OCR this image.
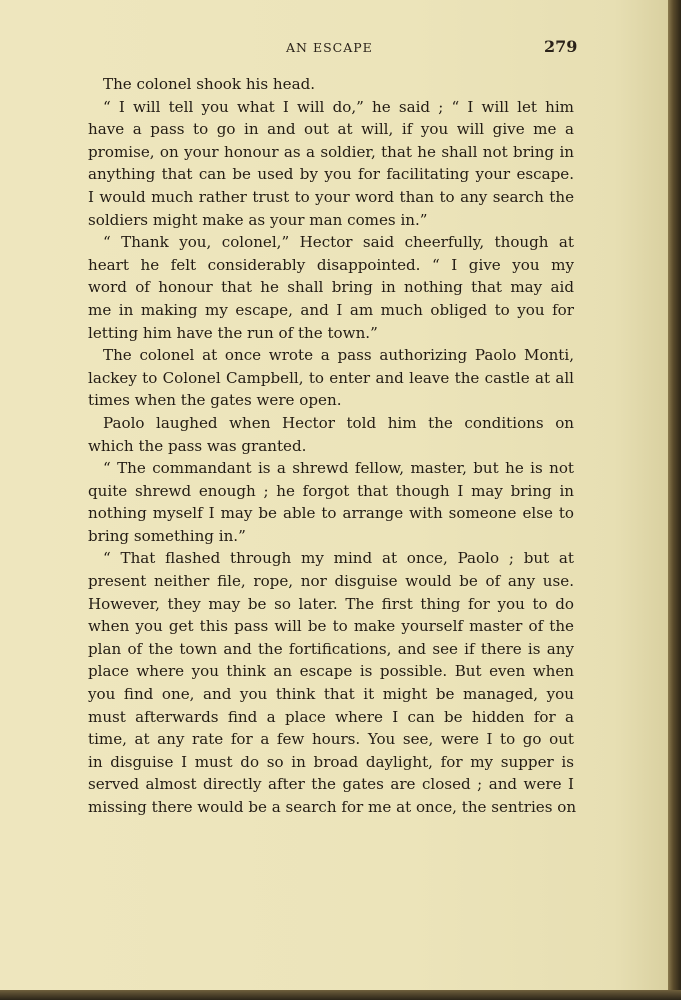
AN ESCAPE	279
The colonel shook his head.
“ I will tell you what I will do,” he said ; “ I will let him
have a pass to go in and out at will, if you will give me a
promise, on your honour as a soldier, that he shall not bring in
anything that can be used by you for facilitating your escape.
I would much rather trust to your word than to any search the
soldiers might make as your man comes in.”
“ Thank you, colonel,” Hector said cheerfully, though at
heart he felt considerably disappointed. “ I give you my
word of honour that he shall bring in nothing that may aid
me in making my escape, and I am much obliged to you for
letting him have the run of the town.”
The colonel at once wrote a pass authorizing Paolo Monti,
lackey to Colonel Campbell, to enter and leave the castle at all
times when the gates were open.
Paolo laughed when Hector told him the conditions on
which the pass was granted.
“ The commandant is a shrewd fellow, master, but he is not
quite shrewd enough ; he forgot that though I may bring in
nothing myself I may be able to arrange with someone else to
bring something in.”
“ That flashed through my mind at once, Paolo ; but at
present neither file, rope, nor disguise would be of any use.
However, they may be so later. The first thing for you to do
when you get this pass will be to make yourself master of the
plan of the town and the fortifications, and see if there is any
place where you think an escape is possible. But even when
you find one, and you think that it might be managed, you
must afterwards find a place where I can be hidden for a
time, at any rate for a few hours. You see, were I to go out
in disguise I must do so in broad daylight, for my supper is
served almost directly after the gates are closed ; and were I
missing there would be a search for me at once, the sentries on
